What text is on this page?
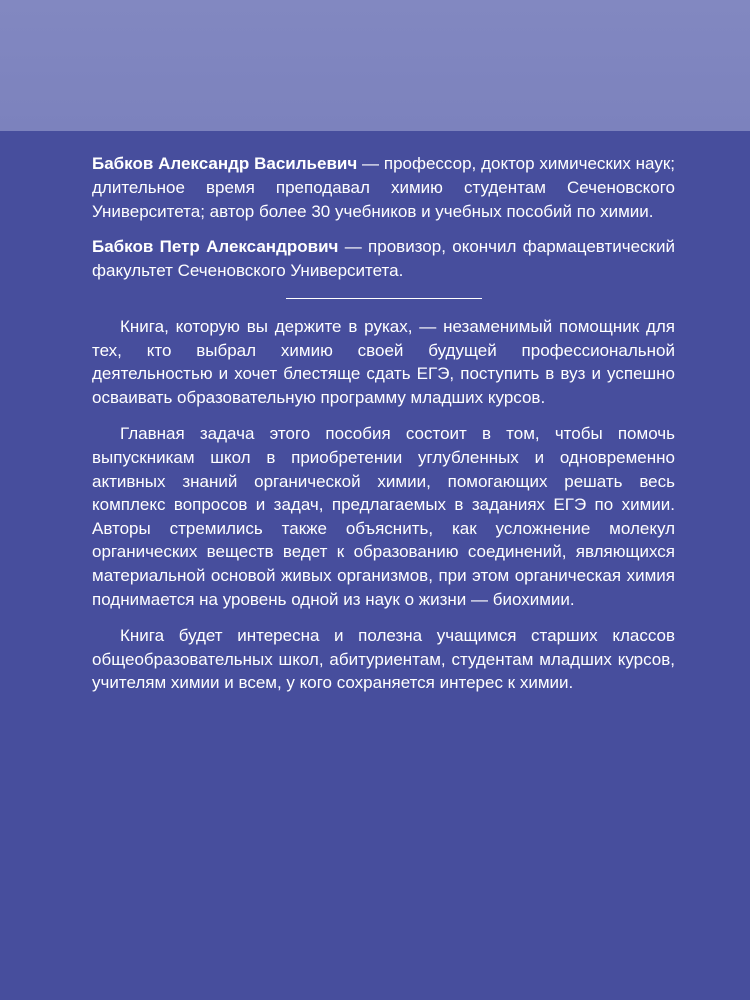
Бабков Александр Васильевич — профессор, доктор химических наук; длительное время преподавал химию студентам Сеченовского Университета; автор более 30 учебников и учебных пособий по химии.

Бабков Петр Александрович — провизор, окончил фармацевтический факультет Сеченовского Университета.

Книга, которую вы держите в руках, — незаменимый помощник для тех, кто выбрал химию своей будущей профессиональной деятельностью и хочет блестяще сдать ЕГЭ, поступить в вуз и успешно осваивать образовательную программу младших курсов.

Главная задача этого пособия состоит в том, чтобы помочь выпускникам школ в приобретении углубленных и одновременно активных знаний органической химии, помогающих решать весь комплекс вопросов и задач, предлагаемых в заданиях ЕГЭ по химии. Авторы стремились также объяснить, как усложнение молекул органических веществ ведет к образованию соединений, являющихся материальной основой живых организмов, при этом органическая химия поднимается на уровень одной из наук о жизни — биохимии.

Книга будет интересна и полезна учащимся старших классов общеобразовательных школ, абитуриентам, студентам младших курсов, учителям химии и всем, у кого сохраняется интерес к химии.
